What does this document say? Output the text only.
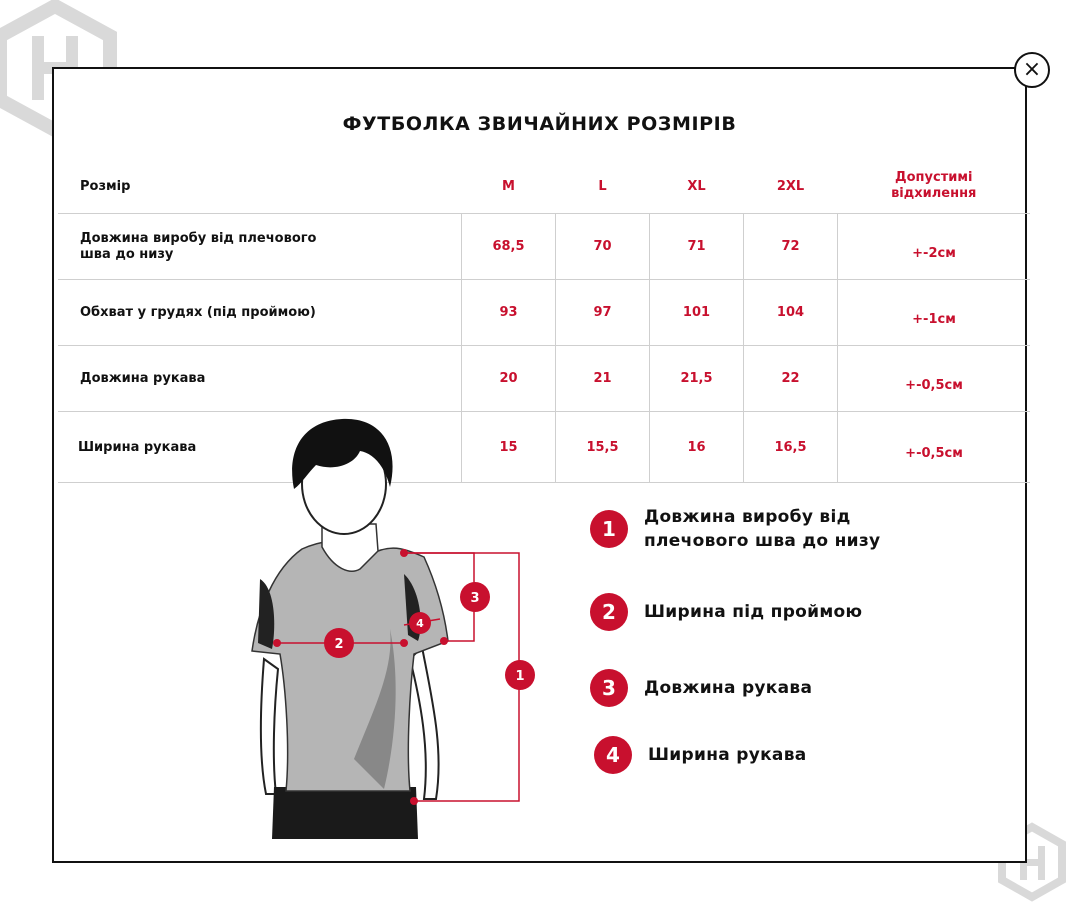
ФУТБОЛКА ЗВИЧАЙНИХ РОЗМІРІВ
Розмір	M	L	XL	2XL	Допустимі
відхилення

Довжина виробу від плечового
шва до низу	68,5	70	71	72	+-2см
Обхват у грудях (під проймою)	93	97	101	104	+-1см
Довжина рукава	20	21	21,5	22	+-0,5см
Ширина рукава	15	15,5	16	16,5	+-0,5см
1
2
3
4
1	Довжина виробу від
плечового шва до низу
2	Ширина під проймою
3	Довжина рукава
4	Ширина рукава
×
